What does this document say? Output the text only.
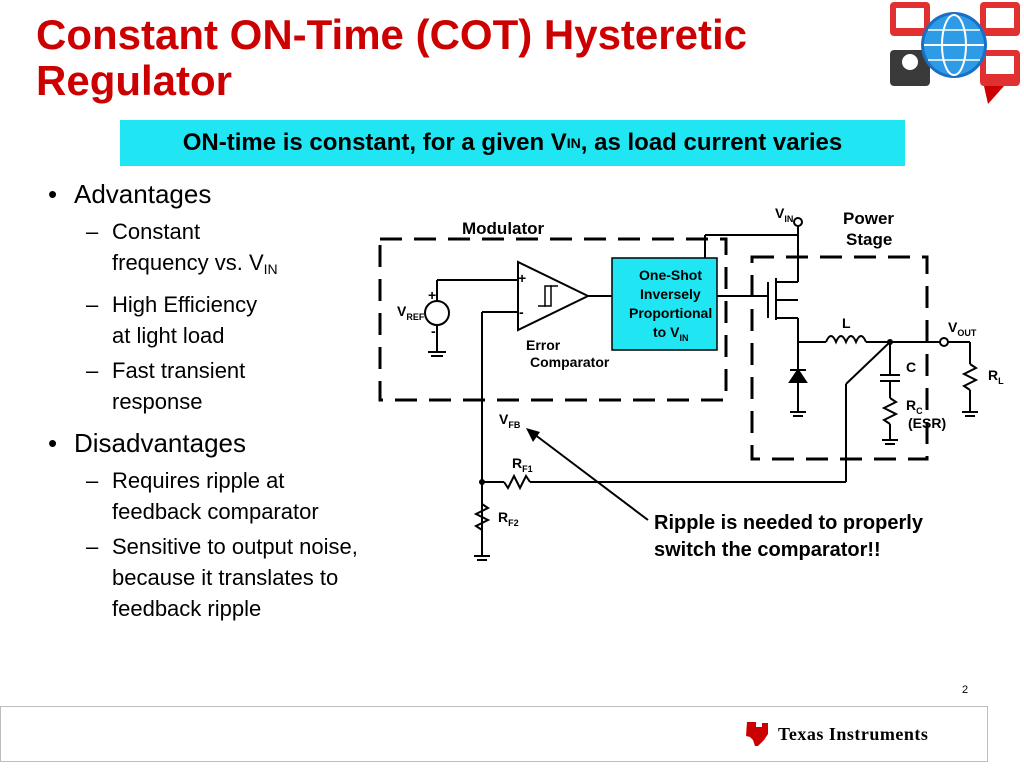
Constant ON-Time (COT) Hysteretic
Regulator
ON-time is constant, for a given V IN , as load current varies
• Advantages
– Constant

frequency vs. $V_{IN}$

– High Efficiency

at light load

– Fast transient

response

• Disadvantages
– Requires ripple at

feedback comparator

– Sensitive to output noise,

because it translates to

feedback ripple

Modulator
Power
Stage
$V_{IN}$
$V_{REF}$
+
-
+
-
Error
Comparator
One-Shot
Inversely
Proportional
to $V_{IN}$
L	$V_{OUT}$
C
$R_C$
(ESR)
$R_L$
$V_{FB}$
$R_{F1}$
$R_{F2}$	Ripple is needed to properly
switch the comparator!!
2
Texas Instruments
